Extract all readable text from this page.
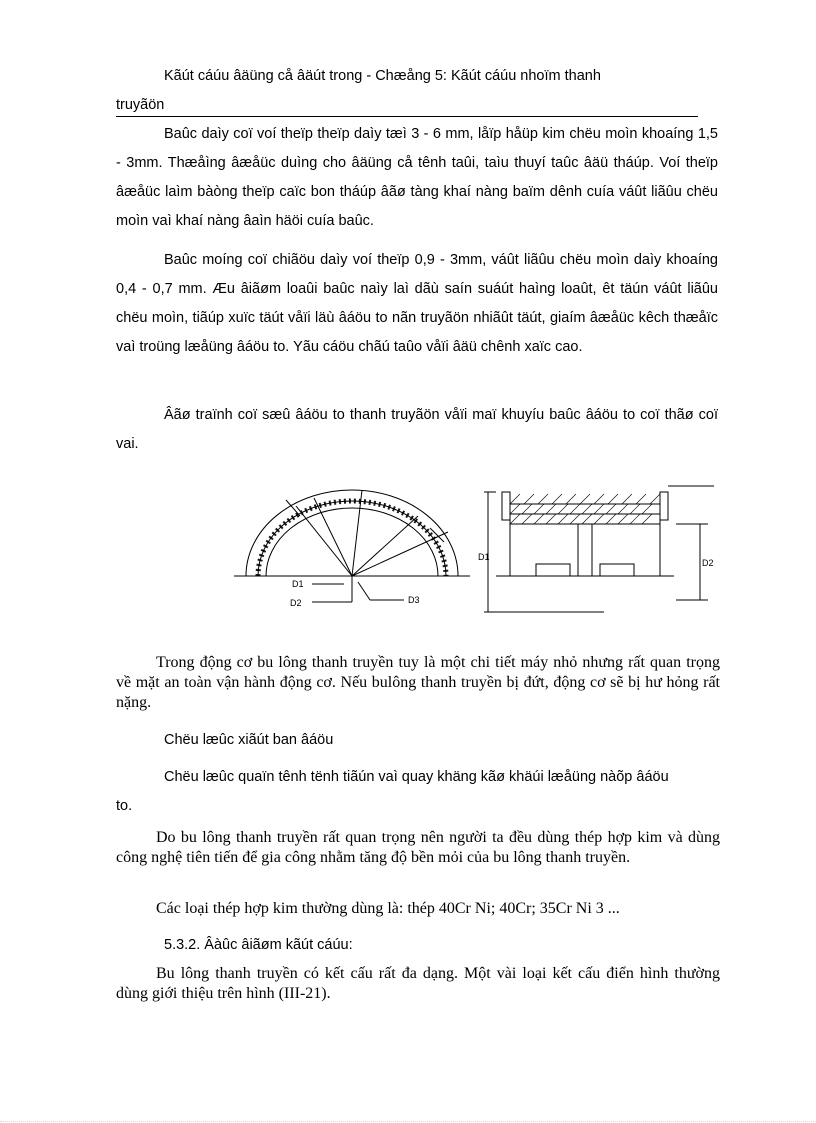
Kãút cáúu âäüng cå âäút trong - Chæång 5: Kãút cáúu nhoïm thanh
truyãön

Baûc daìy coï voí theïp theïp daìy tæì 3 - 6 mm, låïp håüp kim chëu moìn khoaíng 1,5 - 3mm. Thæåìng âæåüc duìng cho âäüng cå tênh taûi, taìu thuyí taûc âäü tháúp. Voí theïp âæåüc laìm bàòng theïp caïc bon tháúp âãø tàng khaí nàng baïm dênh cuía váût liãûu chëu moìn vaì khaí nàng âaìn häöi cuía baûc.

Baûc moíng coï chiãöu daìy voí theïp 0,9 - 3mm, váût liãûu chëu moìn daìy khoaíng 0,4 - 0,7 mm. Æu âiãøm loaûi baûc naìy laì dãù saín suáút haìng loaût, êt täún váût liãûu chëu moìn, tiãúp xuïc täút våïi läù âáöu to nãn truyãön nhiãût täút, giaím âæåüc kêch thæåïc vaì troüng læåüng âáöu to. Yãu cáöu chãú taûo våïi âäü chênh xaïc cao.

Âãø traïnh coï sæû âáöu to thanh truyãön våïi maï khuyíu baûc âáöu to coï thãø coï vai.

D1
D2	D3
D1
D2

Trong động cơ bu lông thanh truyền tuy là một chi tiết máy nhỏ nhưng rất quan trọng về mặt an toàn vận hành động cơ. Nếu bulông thanh truyền bị đứt, động cơ sẽ bị hư hỏng rất nặng.

Chëu læûc xiãút ban âáöu

Chëu læûc quaïn tênh tënh tiãún vaì quay khäng kãø khäúi læåüng nàõp âáöu

to.

Do bu lông thanh truyền rất quan trọng nên người ta đều dùng thép hợp kim và dùng công nghệ tiên tiến để gia công nhằm tăng độ bền mỏi của bu lông thanh truyền.

Các loại thép hợp kim thường dùng là: thép 40Cr Ni; 40Cr; 35Cr Ni 3 ...

5.3.2. Âàûc âiãøm kãút cáúu:

Bu lông thanh truyền có kết cấu rất đa dạng. Một vài loại kết cấu điển hình thường dùng giới thiệu trên hình (III-21).
